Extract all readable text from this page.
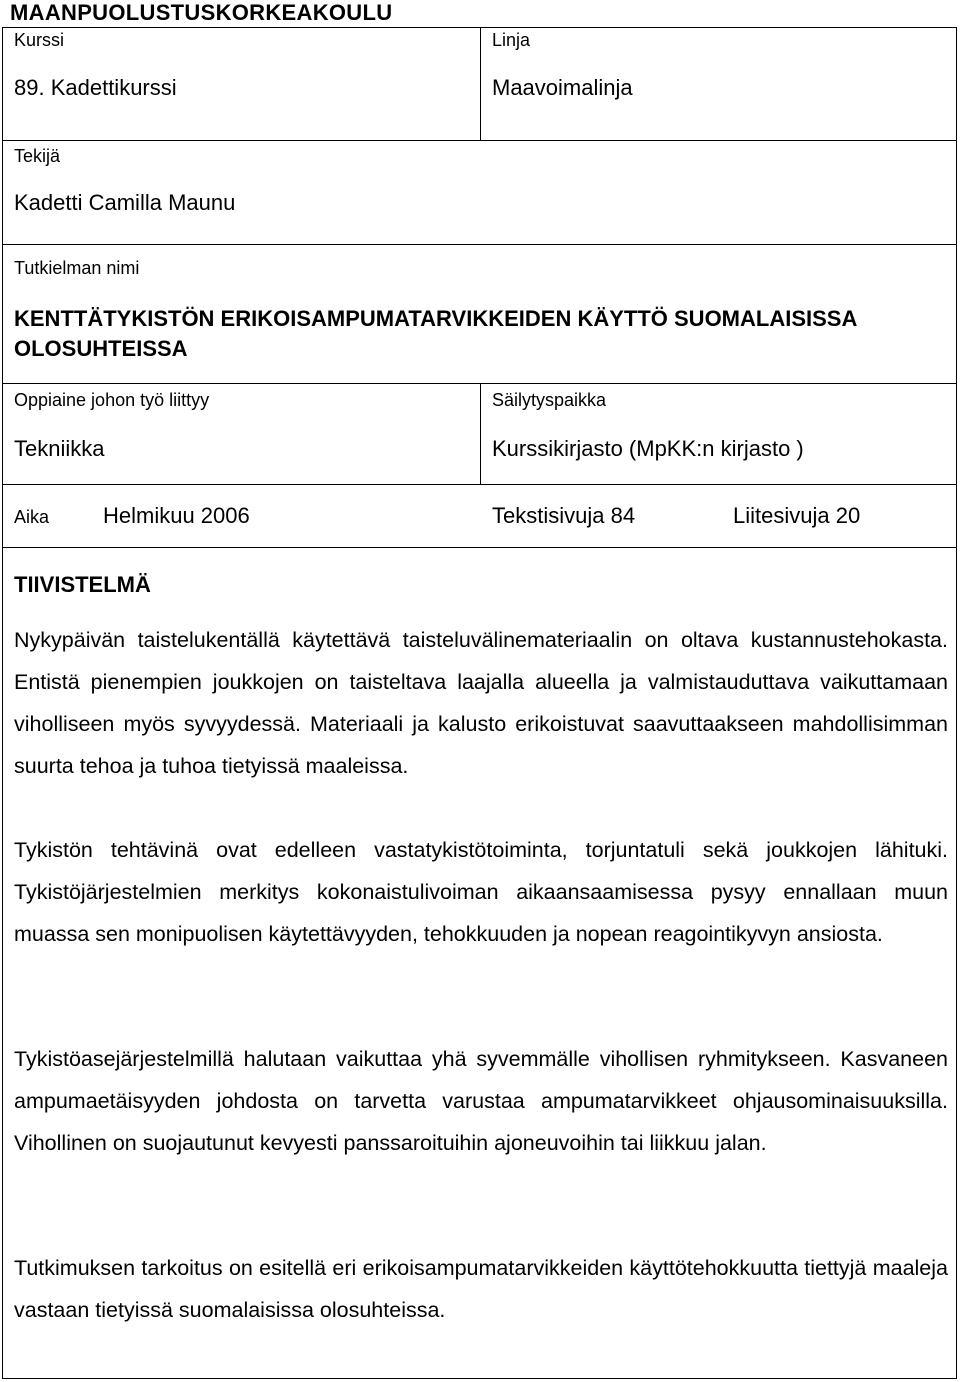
MAANPUOLUSTUSKORKEAKOULU
Kurssi
89. Kadettikurssi
Linja
Maavoimalinja
Tekijä
Kadetti Camilla Maunu
Tutkielman nimi
KENTTÄTYKISTÖN ERIKOISAMPUMATARVIKKEIDEN KÄYTTÖ SUOMALAISISSA OLOSUHTEISSA
Oppiaine johon työ liittyy
Tekniikka
Säilytyspaikka
Kurssikirjasto (MpKK:n kirjasto )
Aika Helmikuu 2006	Tekstisivuja 84	Liitesivuja 20
TIIVISTELMÄ
Nykypäivän taistelukentällä käytettävä taisteluvälinemateriaalin on oltava kustannustehokasta. Entistä pienempien joukkojen on taisteltava laajalla alueella ja valmistauduttava vaikuttamaan viholliseen myös syvyydessä. Materiaali ja kalusto erikoistuvat saavuttaakseen mahdollisimman suurta tehoa ja tuhoa tietyissä maaleissa.
Tykistön tehtävinä ovat edelleen vastatykistötoiminta, torjuntatuli sekä joukkojen lähituki. Tykistöjärjestelmien merkitys kokonaistulivoiman aikaansaamisessa pysyy ennallaan muun muassa sen monipuolisen käytettävyyden, tehokkuuden ja nopean reagointikyvyn ansiosta.
Tykistöasejärjestelmillä halutaan vaikuttaa yhä syvemmälle vihollisen ryhmitykseen. Kasvaneen ampumaetäisyyden johdosta on tarvetta varustaa ampumatarvikkeet ohjausominaisuuksilla. Vihollinen on suojautunut kevyesti panssaroituihin ajoneuvoihin tai liikkuu jalan.
Tutkimuksen tarkoitus on esitellä eri erikoisampumatarvikkeiden käyttötehokkuutta tiettyjä maaleja vastaan tietyissä suomalaisissa olosuhteissa.
